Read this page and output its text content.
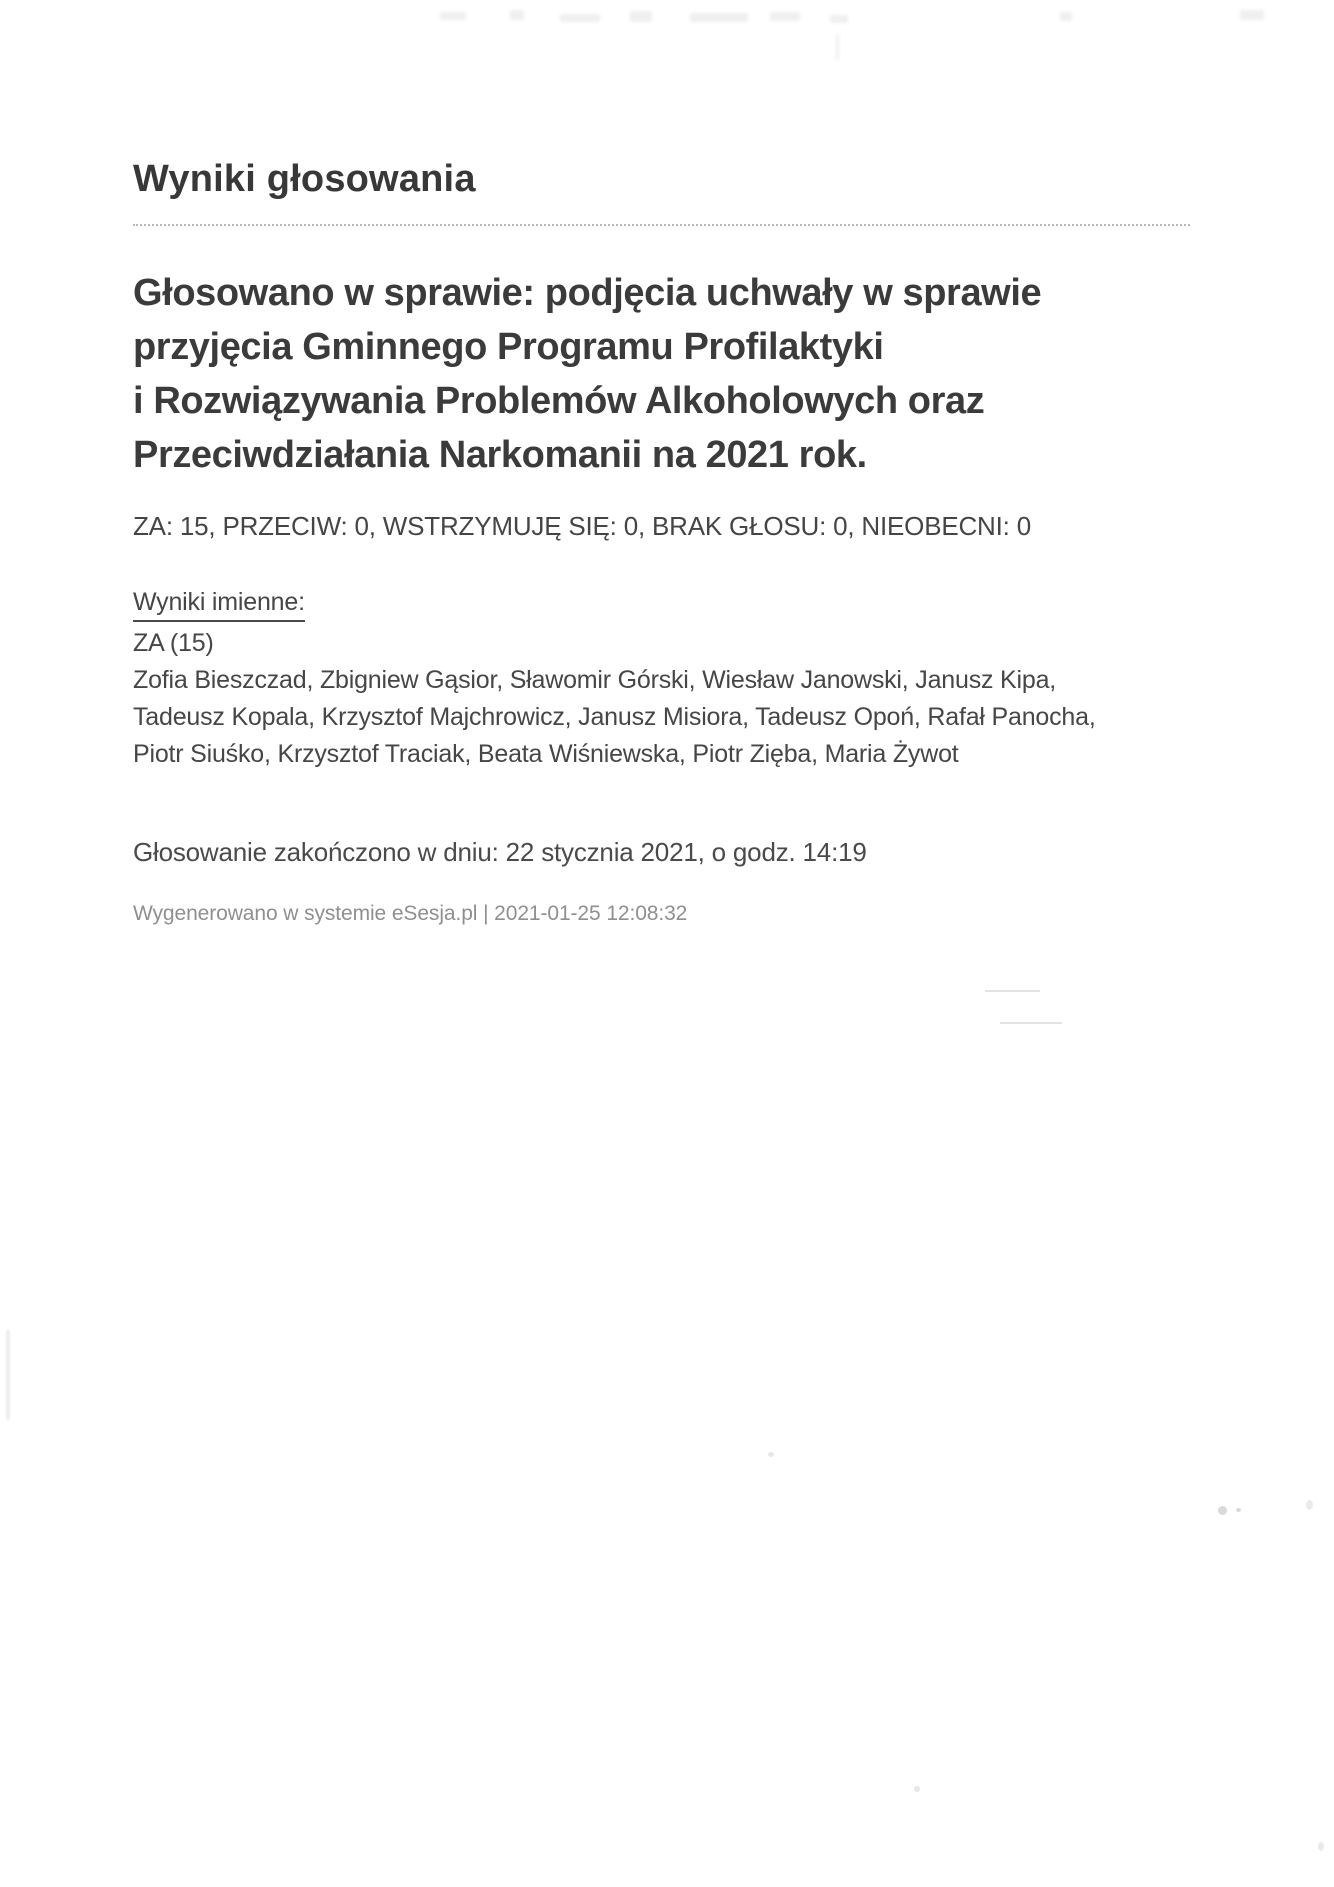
Wyniki głosowania
Głosowano w sprawie: podjęcia uchwały w sprawie
przyjęcia Gminnego Programu Profilaktyki
i Rozwiązywania Problemów Alkoholowych oraz
Przeciwdziałania Narkomanii na 2021 rok.
ZA: 15, PRZECIW: 0, WSTRZYMUJĘ SIĘ: 0, BRAK GŁOSU: 0, NIEOBECNI: 0
Wyniki imienne:
ZA (15)
Zofia Bieszczad, Zbigniew Gąsior, Sławomir Górski, Wiesław Janowski, Janusz Kipa,
Tadeusz Kopala, Krzysztof Majchrowicz, Janusz Misiora, Tadeusz Opoń, Rafał Panocha,
Piotr Siuśko, Krzysztof Traciak, Beata Wiśniewska, Piotr Zięba, Maria Żywot
Głosowanie zakończono w dniu: 22 stycznia 2021, o godz. 14:19
Wygenerowano w systemie eSesja.pl | 2021-01-25 12:08:32
